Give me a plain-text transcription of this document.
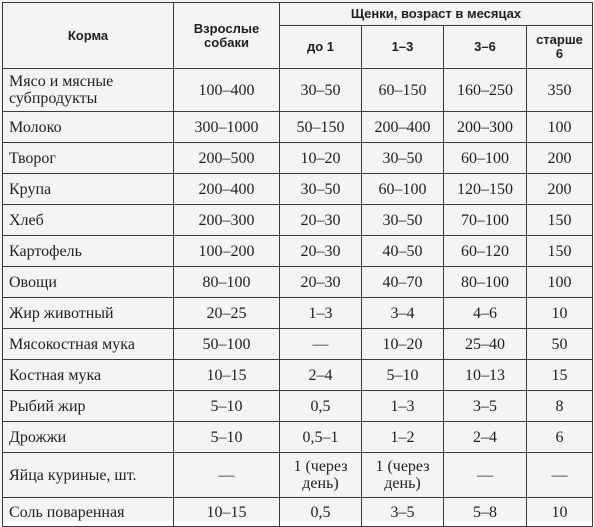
Корма	Взрослые собаки	Щенки, возраст в месяцах			
		до 1	1–3	3–6	старше 6
Мясо и мясные субпродукты	100–400	30–50	60–150	160–250	350
Молоко	300–1000	50–150	200–400	200–300	100
Творог	200–500	10–20	30–50	60–100	200
Крупа	200–400	30–50	60–100	120–150	200
Хлеб	200–300	20–30	30–50	70–100	150
Картофель	100–200	20–30	40–50	60–120	150
Овощи	80–100	20–30	40–70	80–100	100
Жир животный	20–25	1–3	3–4	4–6	10
Мясокостная мука	50–100	—	10–20	25–40	50
Костная мука	10–15	2–4	5–10	10–13	15
Рыбий жир	5–10	0,5	1–3	3–5	8
Дрожжи	5–10	0,5–1	1–2	2–4	6
Яйца куриные, шт.	—	1 (через день)	1 (через день)	—	—
Соль поваренная	10–15	0,5	3–5	5–8	10
